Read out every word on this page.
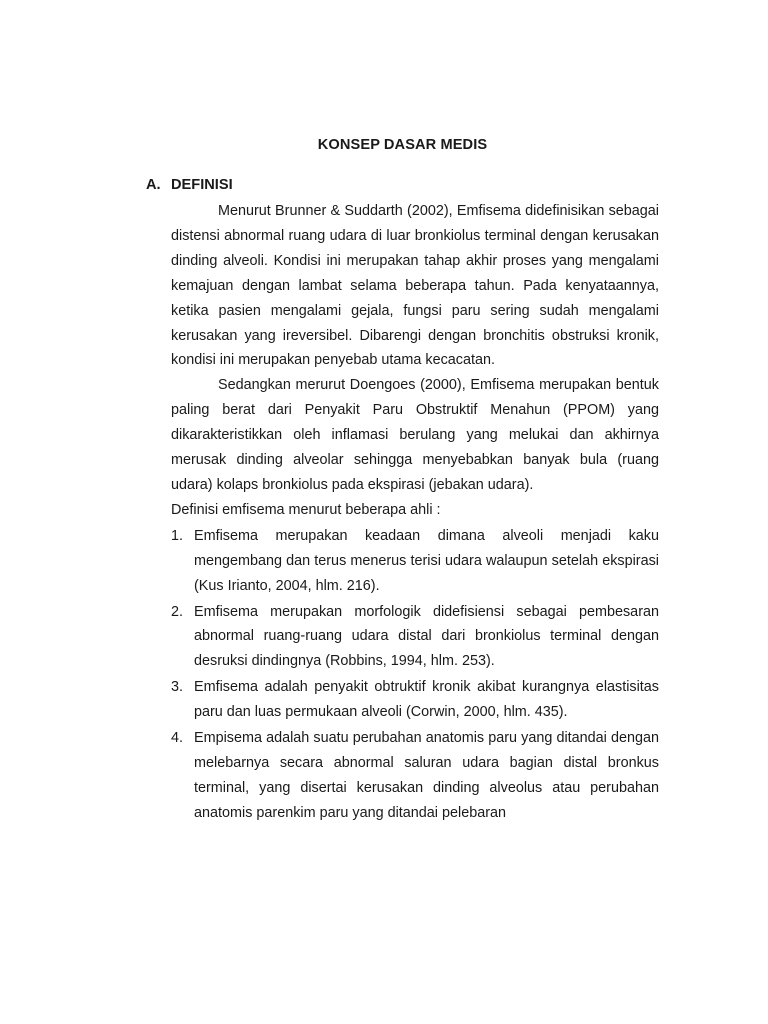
KONSEP DASAR MEDIS
A. DEFINISI

Menurut Brunner & Suddarth (2002), Emfisema didefinisikan sebagai distensi abnormal ruang udara di luar bronkiolus terminal dengan kerusakan dinding alveoli. Kondisi ini merupakan tahap akhir proses yang mengalami kemajuan dengan lambat selama beberapa tahun. Pada kenyataannya, ketika pasien mengalami gejala, fungsi paru sering sudah mengalami kerusakan yang ireversibel. Dibarengi dengan bronchitis obstruksi kronik, kondisi ini merupakan penyebab utama kecacatan.

Sedangkan merurut Doengoes (2000), Emfisema merupakan bentuk paling berat dari Penyakit Paru Obstruktif Menahun (PPOM) yang dikarakteristikkan oleh inflamasi berulang yang melukai dan akhirnya merusak dinding alveolar sehingga menyebabkan banyak bula (ruang udara) kolaps bronkiolus pada ekspirasi (jebakan udara).

Definisi emfisema menurut beberapa ahli :

1. Emfisema merupakan keadaan dimana alveoli menjadi kaku mengembang dan terus menerus terisi udara walaupun setelah ekspirasi (Kus Irianto, 2004, hlm. 216).
2. Emfisema merupakan morfologik didefisiensi sebagai pembesaran abnormal ruang-ruang udara distal dari bronkiolus terminal dengan desruksi dindingnya (Robbins, 1994, hlm. 253).
3. Emfisema adalah penyakit obtruktif kronik akibat kurangnya elastisitas paru dan luas permukaan alveoli (Corwin, 2000, hlm. 435).
4. Empisema adalah suatu perubahan anatomis paru yang ditandai dengan melebarnya secara abnormal saluran udara bagian distal bronkus terminal, yang disertai kerusakan dinding alveolus atau perubahan anatomis parenkim paru yang ditandai pelebaran
